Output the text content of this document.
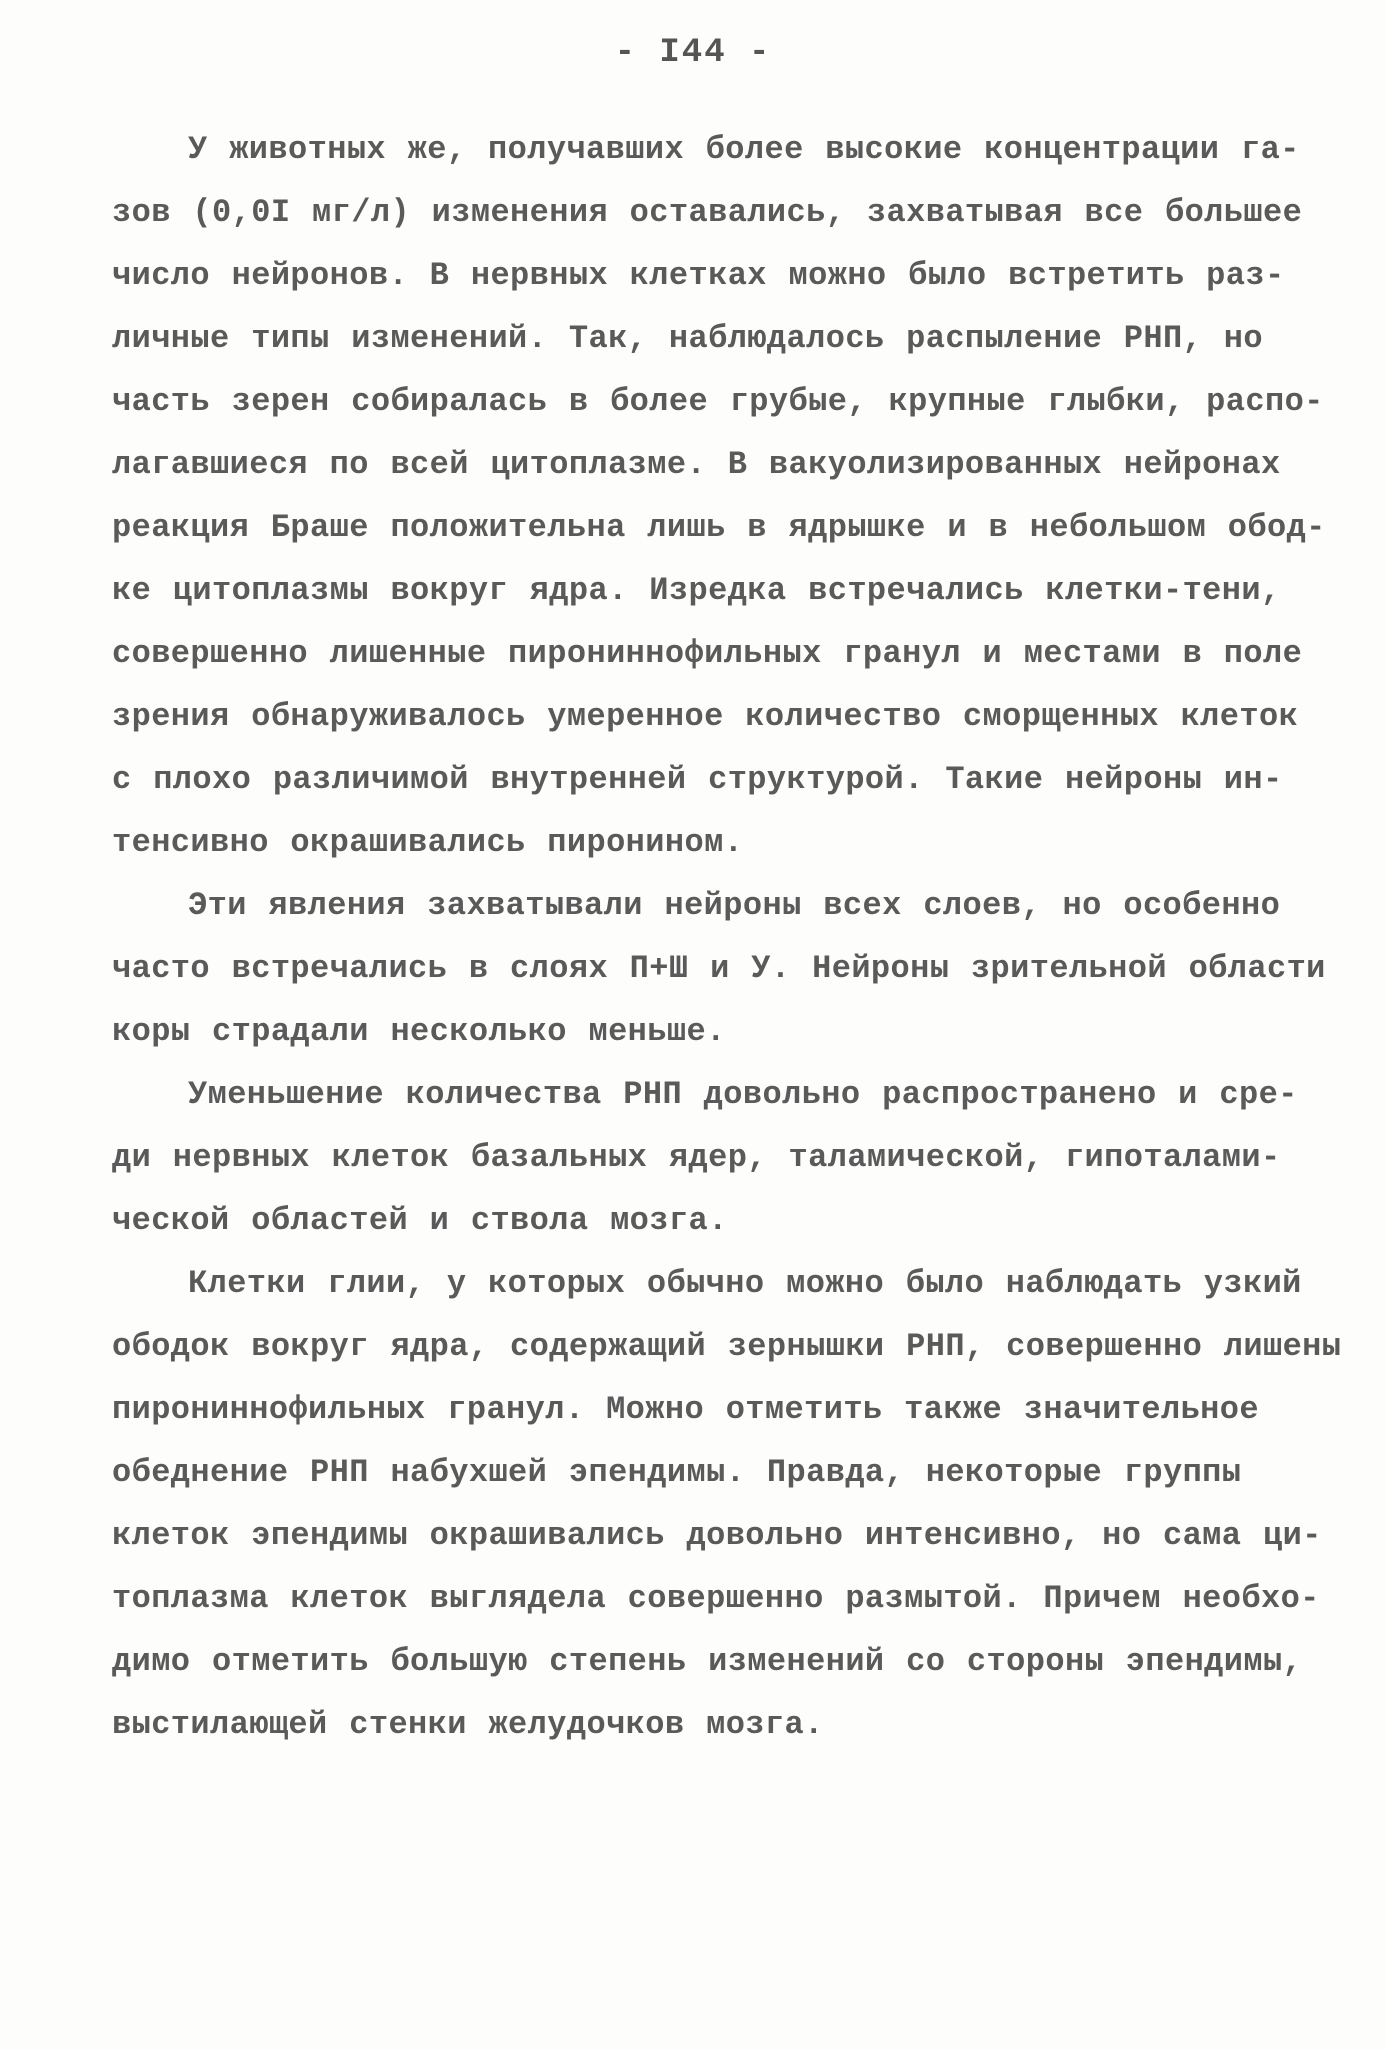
- I44 -
У животных же, получавших более высокие концентрации га-
зов (0,0I мг/л) изменения оставались, захватывая все большее
число нейронов. В нервных клетках можно было встретить раз-
личные типы изменений. Так, наблюдалось распыление РНП, но
часть зерен собиралась в более грубые, крупные глыбки, распо-
лагавшиеся по всей цитоплазме. В вакуолизированных нейронах
реакция Браше положительна лишь в ядрышке и в небольшом обод-
ке цитоплазмы вокруг ядра. Изредка встречались клетки-тени,
совершенно лишенные пирониннофильных гранул и местами в поле
зрения обнаруживалось умеренное количество сморщенных клеток
с плохо различимой внутренней структурой. Такие нейроны ин-
тенсивно окрашивались пиронином.
Эти явления захватывали нейроны всех слоев, но особенно
часто встречались в слоях П+Ш и У. Нейроны зрительной области
коры страдали несколько меньше.
Уменьшение количества РНП довольно распространено и сре-
ди нервных клеток базальных ядер, таламической, гипоталами-
ческой областей и ствола мозга.
Клетки глии, у которых обычно можно было наблюдать узкий
ободок вокруг ядра, содержащий зернышки РНП, совершенно лишены
пирониннофильных гранул. Можно отметить также значительное
обеднение РНП набухшей эпендимы. Правда, некоторые группы
клеток эпендимы окрашивались довольно интенсивно, но сама ци-
топлазма клеток выглядела совершенно размытой. Причем необхо-
димо отметить большую степень изменений со стороны эпендимы,
выстилающей стенки желудочков мозга.
